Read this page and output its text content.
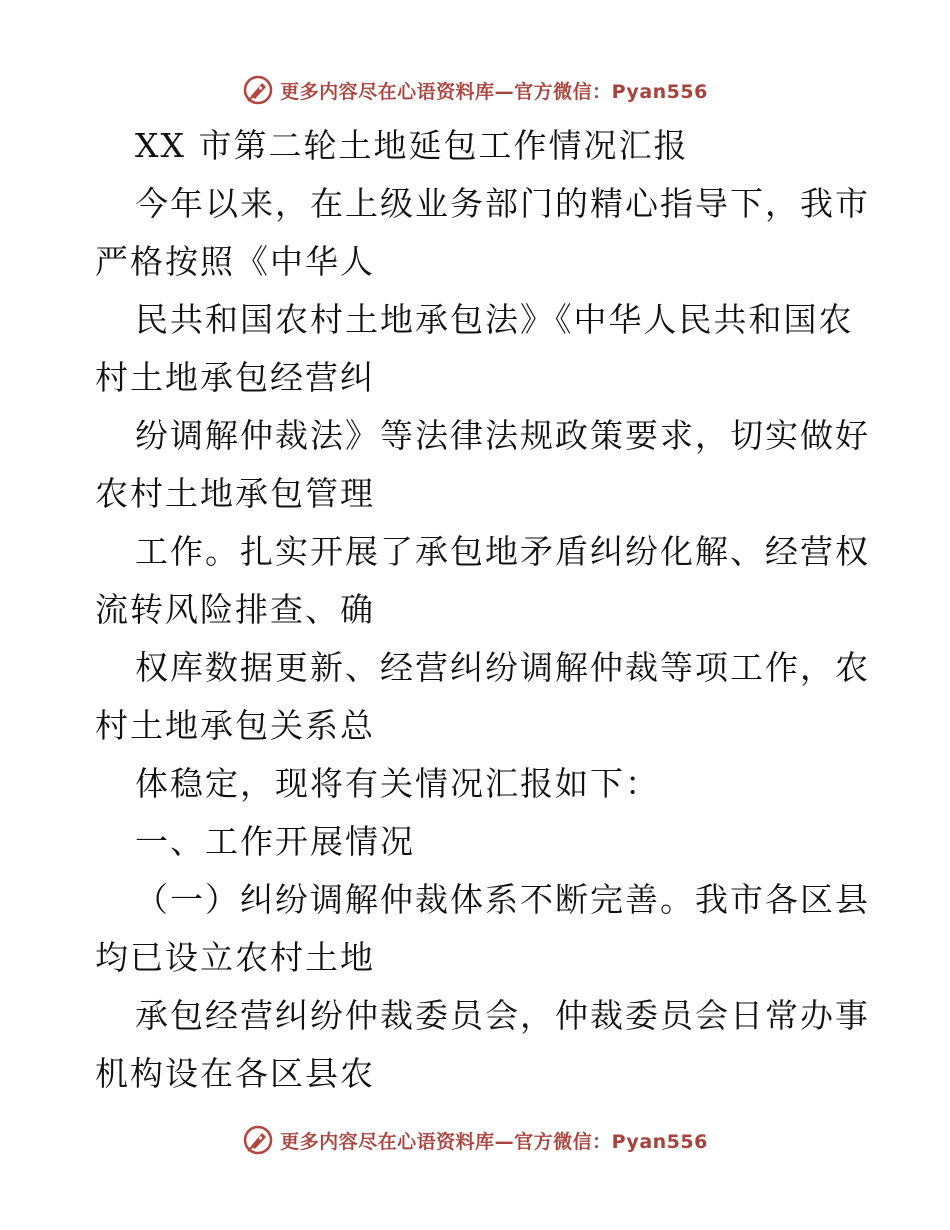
更多内容尽在心语资料库—官方微信：Pyan556
XX 市第二轮土地延包工作情况汇报
今年以来，在上级业务部门的精心指导下，我市
严格按照《中华人
民共和国农村土地承包法》《中华人民共和国农
村土地承包经营纠
纷调解仲裁法》等法律法规政策要求，切实做好
农村土地承包管理
工作。扎实开展了承包地矛盾纠纷化解、经营权
流转风险排查、确
权库数据更新、经营纠纷调解仲裁等项工作，农
村土地承包关系总
体稳定，现将有关情况汇报如下：
一、工作开展情况
（一）纠纷调解仲裁体系不断完善。我市各区县
均已设立农村土地
承包经营纠纷仲裁委员会，仲裁委员会日常办事
机构设在各区县农
更多内容尽在心语资料库—官方微信：Pyan556
